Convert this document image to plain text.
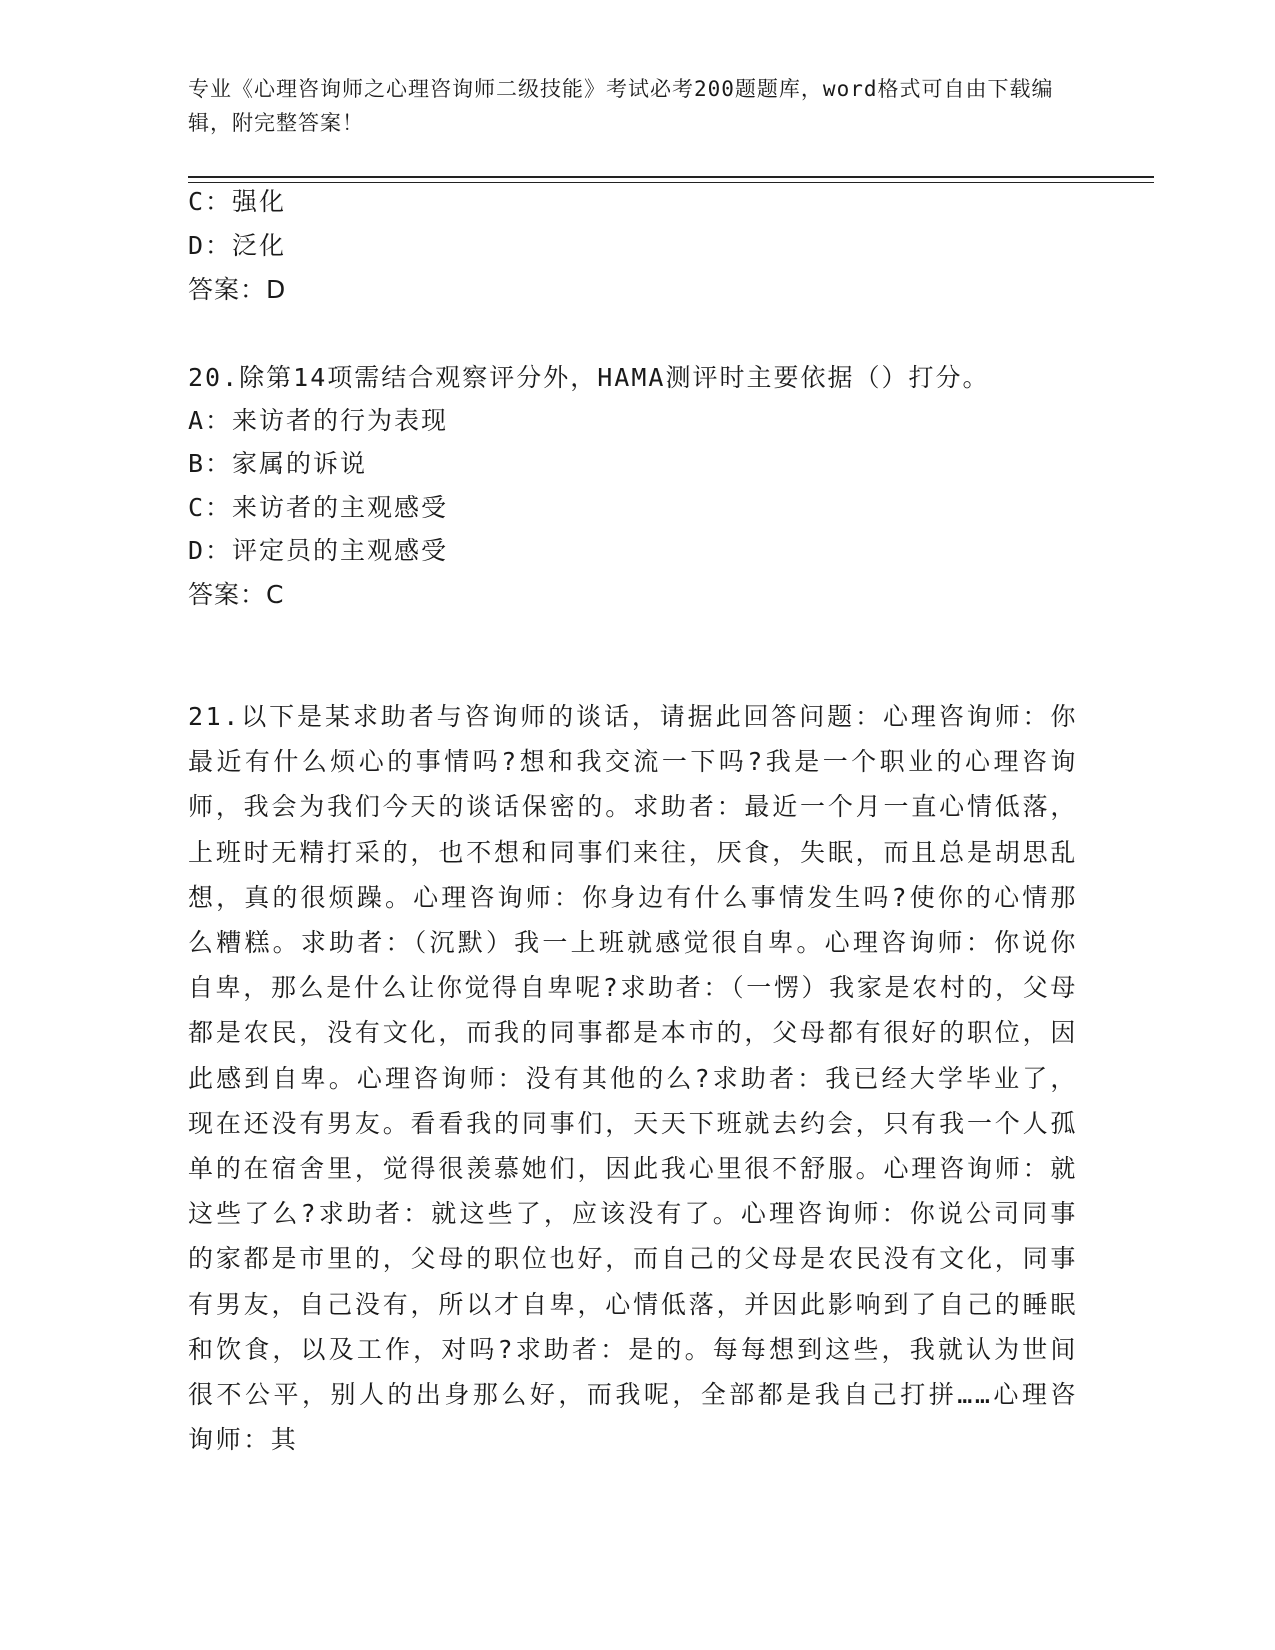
专业《心理咨询师之心理咨询师二级技能》考试必考200题题库，word格式可自由下载编辑，附完整答案！
C：强化
D：泛化
答案：D
20.除第14项需结合观察评分外，HAMA测评时主要依据（）打分。
A：来访者的行为表现
B：家属的诉说
C：来访者的主观感受
D：评定员的主观感受
答案：C
21.以下是某求助者与咨询师的谈话，请据此回答问题：心理咨询师：你最近有什么烦心的事情吗?想和我交流一下吗?我是一个职业的心理咨询师，我会为我们今天的谈话保密的。求助者：最近一个月一直心情低落，上班时无精打采的，也不想和同事们来往，厌食，失眠，而且总是胡思乱想，真的很烦躁。心理咨询师：你身边有什么事情发生吗?使你的心情那么糟糕。求助者：（沉默）我一上班就感觉很自卑。心理咨询师：你说你自卑，那么是什么让你觉得自卑呢?求助者：（一愣）我家是农村的，父母都是农民，没有文化，而我的同事都是本市的，父母都有很好的职位，因此感到自卑。心理咨询师：没有其他的么?求助者：我已经大学毕业了，现在还没有男友。看看我的同事们，天天下班就去约会，只有我一个人孤单的在宿舍里，觉得很羡慕她们，因此我心里很不舒服。心理咨询师：就这些了么?求助者：就这些了，应该没有了。心理咨询师：你说公司同事的家都是市里的，父母的职位也好，而自己的父母是农民没有文化，同事有男友，自己没有，所以才自卑，心情低落，并因此影响到了自己的睡眠和饮食，以及工作，对吗?求助者：是的。每每想到这些，我就认为世间很不公平，别人的出身那么好，而我呢，全部都是我自己打拼……心理咨询师：其
